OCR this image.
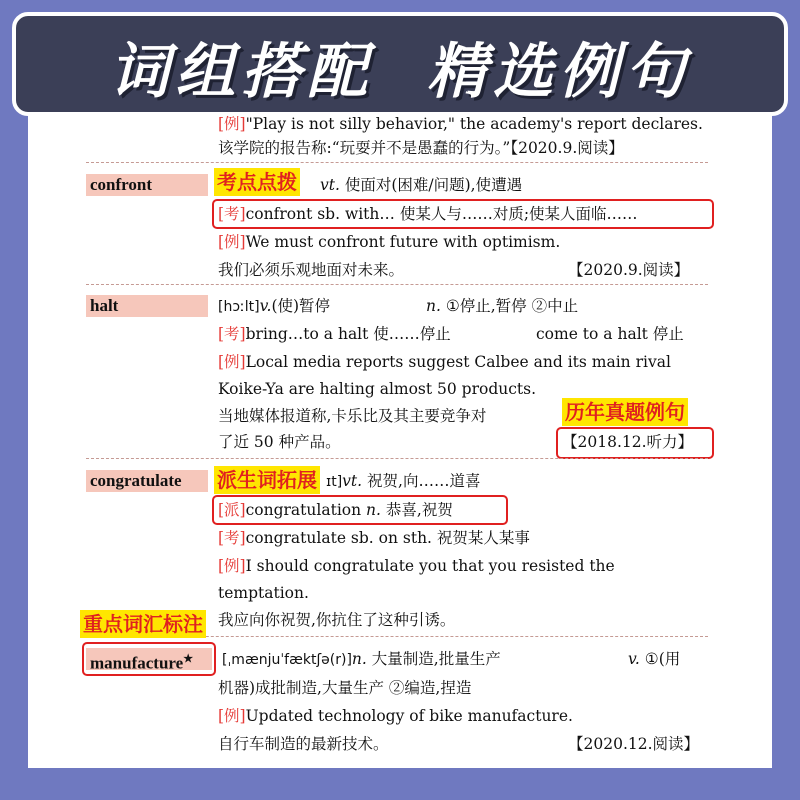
词组搭配  精选例句
[例]"Play is not silly behavior," the academy's report declares.
该学院的报告称:“玩耍并不是愚蠢的行为。”【2020.9.阅读】
confront	vt. 使面对(困难/问题),使遭遇
[考]confront sb. with… 使某人与……对质;使某人面临……
[例]We must confront future with optimism.
我们必须乐观地面对未来。	【2020.9.阅读】
halt	[hɔːlt]v.(使)暂停	n. ①停止,暂停 ②中止
[考]bring…to a halt 使……停止	come to a halt 停止
[例]Local media reports suggest Calbee and its main rival
Koike-Ya are halting almost 50 products.
当地媒体报道称,卡乐比及其主要竞争对
了近 50 种产品。	【2018.12.听力】
congratulate	ɪt]vt. 祝贺,向……道喜
[派]congratulation n. 恭喜,祝贺
[考]congratulate sb. on sth. 祝贺某人某事
[例]I should congratulate you that you resisted the
temptation.
我应向你祝贺,你抗住了这种引诱。
manufacture★	[ˌmænjuˈfæktʃə(r)]n. 大量制造,批量生产	v. ①(用
机器)成批制造,大量生产 ②编造,捏造
[例]Updated technology of bike manufacture.
自行车制造的最新技术。	【2020.12.阅读】
考点点拨
历年真题例句
派生词拓展
重点词汇标注
